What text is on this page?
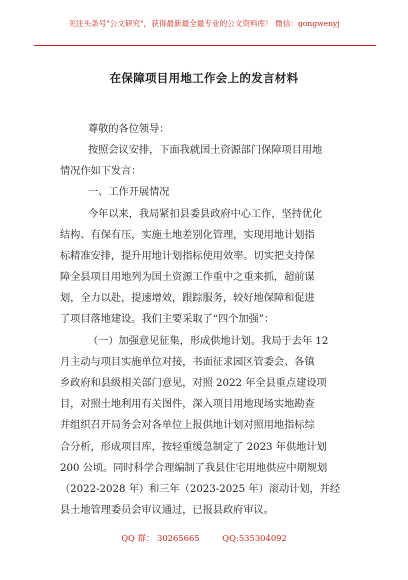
关注头条号"公文研究"，获得最新最全最专业的公文资料库！ 微信：gongwenyj
在保障项目用地工作会上的发言材料
尊敬的各位领导：
按照会议安排，下面我就国土资源部门保障项目用地
情况作如下发言：
一、工作开展情况
今年以来，我局紧扣县委县政府中心工作，坚持优化
结构、有保有压，实施土地差别化管理，实现用地计划指
标精准安排，提升用地计划指标使用效率。切实把支持保
障全县项目用地列为国土资源工作重中之重来抓，超前谋
划，全力以赴，提速增效，跟踪服务，较好地保障和促进
了项目落地建设。我们主要采取了“四个加强”：
（一）加强意见征集，形成供地计划。我局于去年 12
月主动与项目实施单位对接，书面征求园区管委会、各镇
乡政府和县级相关部门意见，对照 2022 年全县重点建设项
目，对照土地利用有关图件，深入项目用地现场实地勘查
并组织召开局务会对各单位上报供地计划对照用地指标综
合分析，形成项目库，按轻重缓急制定了 2023 年供地计划
200 公顷。同时科学合理编制了我县住宅用地供应中期规划
（2022-2028 年）和三年（2023-2025 年）滚动计划，并经
县土地管理委员会审议通过，已报县政府审议。
QQ 群： 30265665	QQ:535304092
